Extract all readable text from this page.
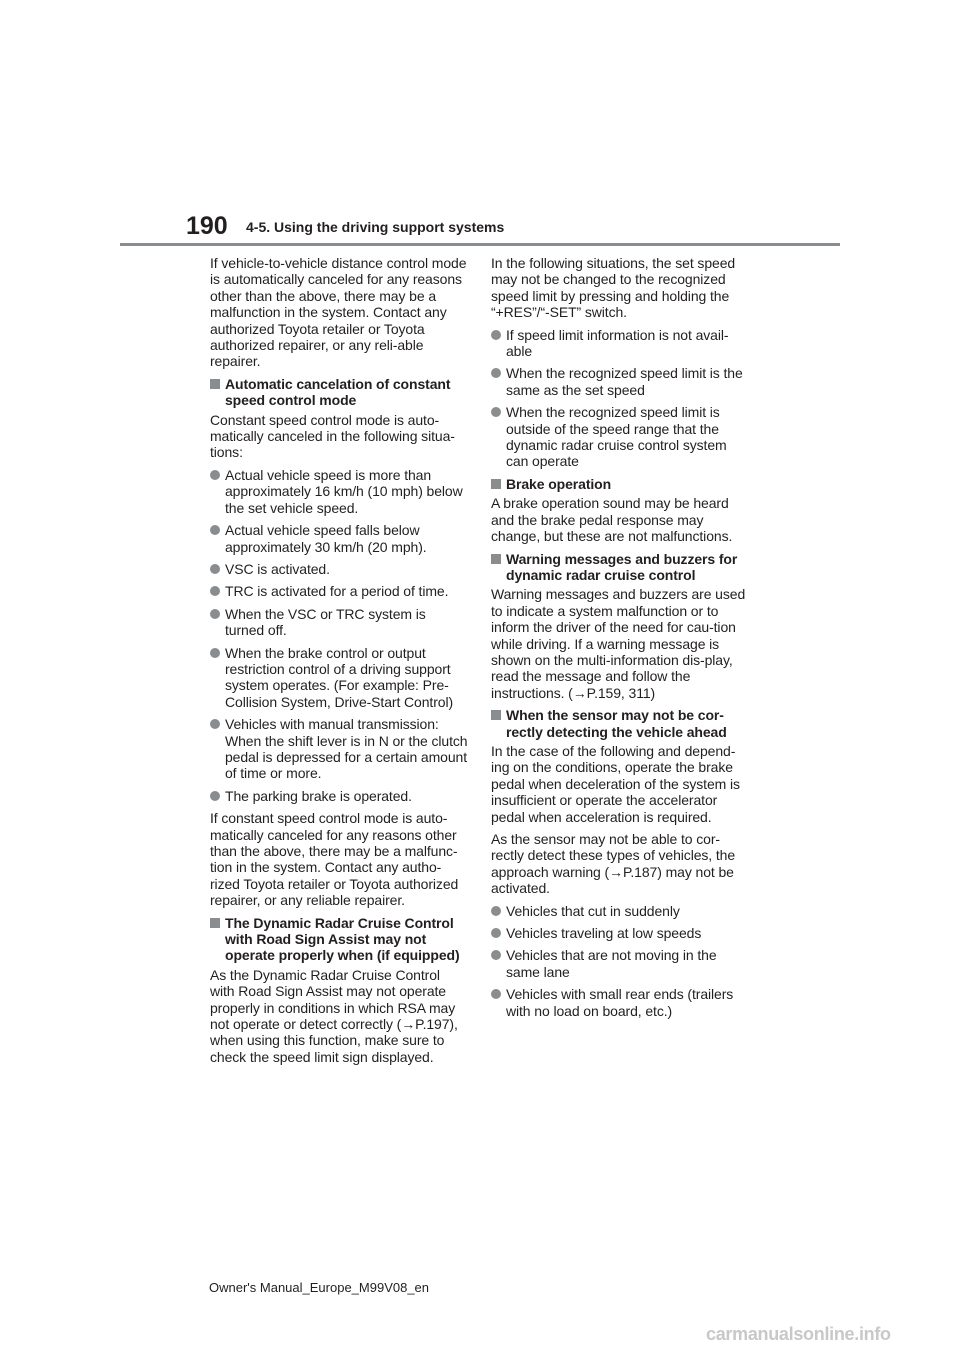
190 4-5. Using the driving support systems
If vehicle-to-vehicle distance control mode is automatically canceled for any reasons other than the above, there may be a malfunction in the system. Contact any authorized Toyota retailer or Toyota authorized repairer, or any reli-able repairer.
Automatic cancelation of constant speed control mode
Constant speed control mode is auto-matically canceled in the following situa-tions:
Actual vehicle speed is more than approximately 16 km/h (10 mph) below the set vehicle speed.
Actual vehicle speed falls below approximately 30 km/h (20 mph).
VSC is activated.
TRC is activated for a period of time.
When the VSC or TRC system is turned off.
When the brake control or output restriction control of a driving support system operates. (For example: Pre-Collision System, Drive-Start Control)
Vehicles with manual transmission: When the shift lever is in N or the clutch pedal is depressed for a certain amount of time or more.
The parking brake is operated.
If constant speed control mode is auto-matically canceled for any reasons other than the above, there may be a malfunc-tion in the system. Contact any autho-rized Toyota retailer or Toyota authorized repairer, or any reliable repairer.
The Dynamic Radar Cruise Control with Road Sign Assist may not operate properly when (if equipped)
As the Dynamic Radar Cruise Control with Road Sign Assist may not operate properly in conditions in which RSA may not operate or detect correctly (→P.197), when using this function, make sure to check the speed limit sign displayed.
In the following situations, the set speed may not be changed to the recognized speed limit by pressing and holding the “+RES”/“-SET” switch.
If speed limit information is not avail-able
When the recognized speed limit is the same as the set speed
When the recognized speed limit is outside of the speed range that the dynamic radar cruise control system can operate
Brake operation
A brake operation sound may be heard and the brake pedal response may change, but these are not malfunctions.
Warning messages and buzzers for dynamic radar cruise control
Warning messages and buzzers are used to indicate a system malfunction or to inform the driver of the need for cau-tion while driving. If a warning message is shown on the multi-information dis-play, read the message and follow the instructions. (→P.159, 311)
When the sensor may not be cor-rectly detecting the vehicle ahead
In the case of the following and depend-ing on the conditions, operate the brake pedal when deceleration of the system is insufficient or operate the accelerator pedal when acceleration is required.
As the sensor may not be able to cor-rectly detect these types of vehicles, the approach warning (→P.187) may not be activated.
Vehicles that cut in suddenly
Vehicles traveling at low speeds
Vehicles that are not moving in the same lane
Vehicles with small rear ends (trailers with no load on board, etc.)
Owner's Manual_Europe_M99V08_en
carmanualsonline.info
